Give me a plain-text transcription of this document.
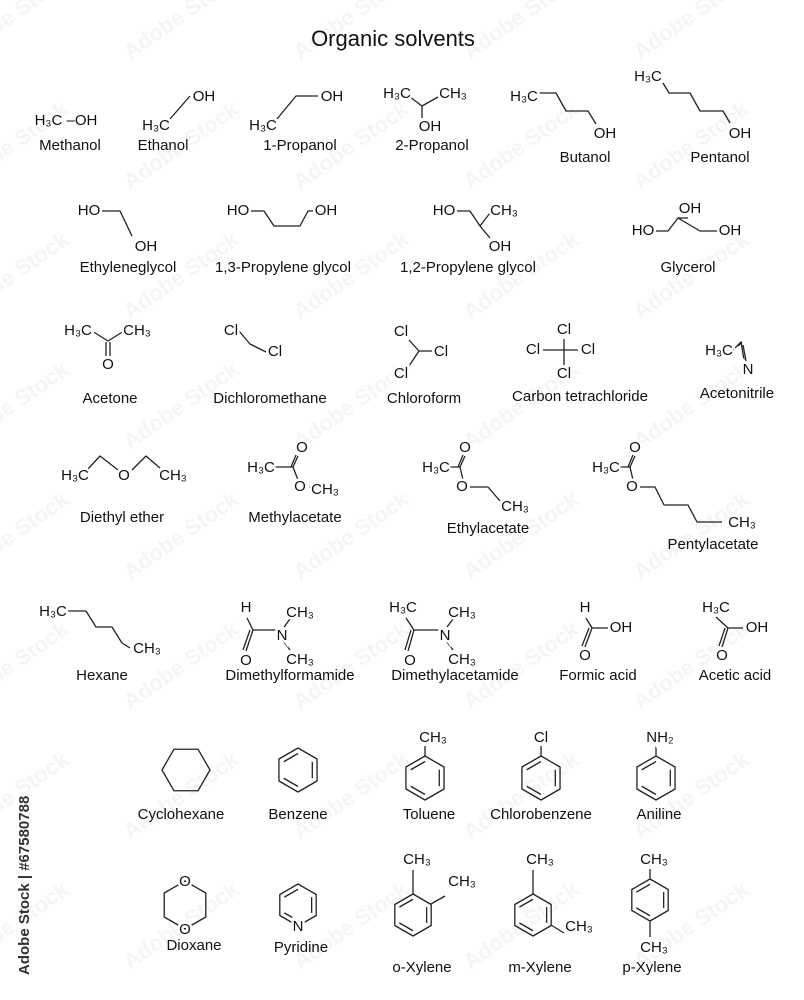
Organic solvents
H₃C –OH
Methanol
H₃C
OH
Ethanol
H₃C
OH
1-Propanol
H₃C CH₃
OH
2-Propanol
H₃C
OH
Butanol
H₃C
OH
Pentanol
HO
OH
Ethyleneglycol
HO	OH
1,3-Propylene glycol
HO CH₃
OH
1,2-Propylene glycol
HO
OH
OH
Glycerol
H₃C CH₃
O
Acetone
Cl
Cl
Dichloromethane
Cl
Cl
Cl
Chloroform
Cl
Cl	Cl
Cl
Carbon tetrachloride
H₃C
N
Acetonitrile
H₃C O CH₃
Diethyl ether
H₃C
O
O CH₃
Methylacetate
H₃C
O
O
CH₃
Ethylacetate
H₃C
O
O
CH₃
Pentylacetate
H₃C
CH₃
Hexane
H
O
N
CH₃
CH₃
Dimethylformamide
H₃C
O
N
CH₃
CH₃
Dimethylacetamide
H
O
OH
Formic acid
H₃C
O
OH
Acetic acid
Cyclohexane	Benzene
CH₃
Toluene
Cl
Chlorobenzene
NH₂
Aniline
O
O
Dioxane
N
Pyridine
CH₃
CH₃
o-Xylene
CH₃
CH₃
m-Xylene
CH₃
CH₃
p-Xylene
Adobe Stock | #67580788
